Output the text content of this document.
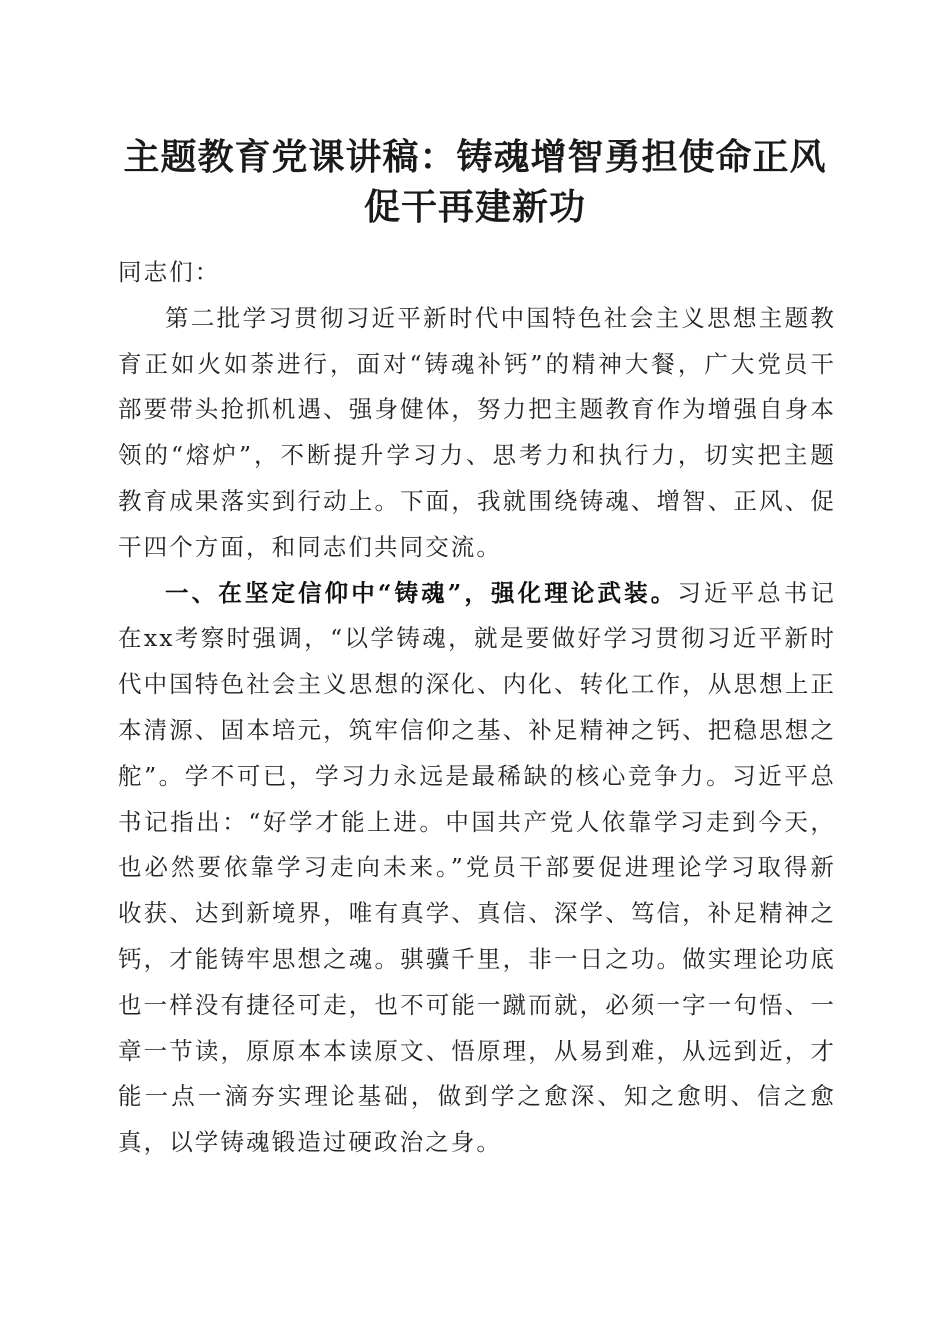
主题教育党课讲稿：铸魂增智勇担使命正风促干再建新功

同志们：

第二批学习贯彻习近平新时代中国特色社会主义思想主题教育正如火如荼进行，面对“铸魂补钙”的精神大餐，广大党员干部要带头抢抓机遇、强身健体，努力把主题教育作为增强自身本领的“熔炉”，不断提升学习力、思考力和执行力，切实把主题教育成果落实到行动上。下面，我就围绕铸魂、增智、正风、促干四个方面，和同志们共同交流。

一、在坚定信仰中“铸魂”，强化理论武装。习近平总书记在xx考察时强调，“以学铸魂，就是要做好学习贯彻习近平新时代中国特色社会主义思想的深化、内化、转化工作，从思想上正本清源、固本培元，筑牢信仰之基、补足精神之钙、把稳思想之舵”。学不可已，学习力永远是最稀缺的核心竞争力。习近平总书记指出：“好学才能上进。中国共产党人依靠学习走到今天，也必然要依靠学习走向未来。”党员干部要促进理论学习取得新收获、达到新境界，唯有真学、真信、深学、笃信，补足精神之钙，才能铸牢思想之魂。骐骥千里，非一日之功。做实理论功底也一样没有捷径可走，也不可能一蹴而就，必须一字一句悟、一章一节读，原原本本读原文、悟原理，从易到难，从远到近，才能一点一滴夯实理论基础，做到学之愈深、知之愈明、信之愈真，以学铸魂锻造过硬政治之身。
